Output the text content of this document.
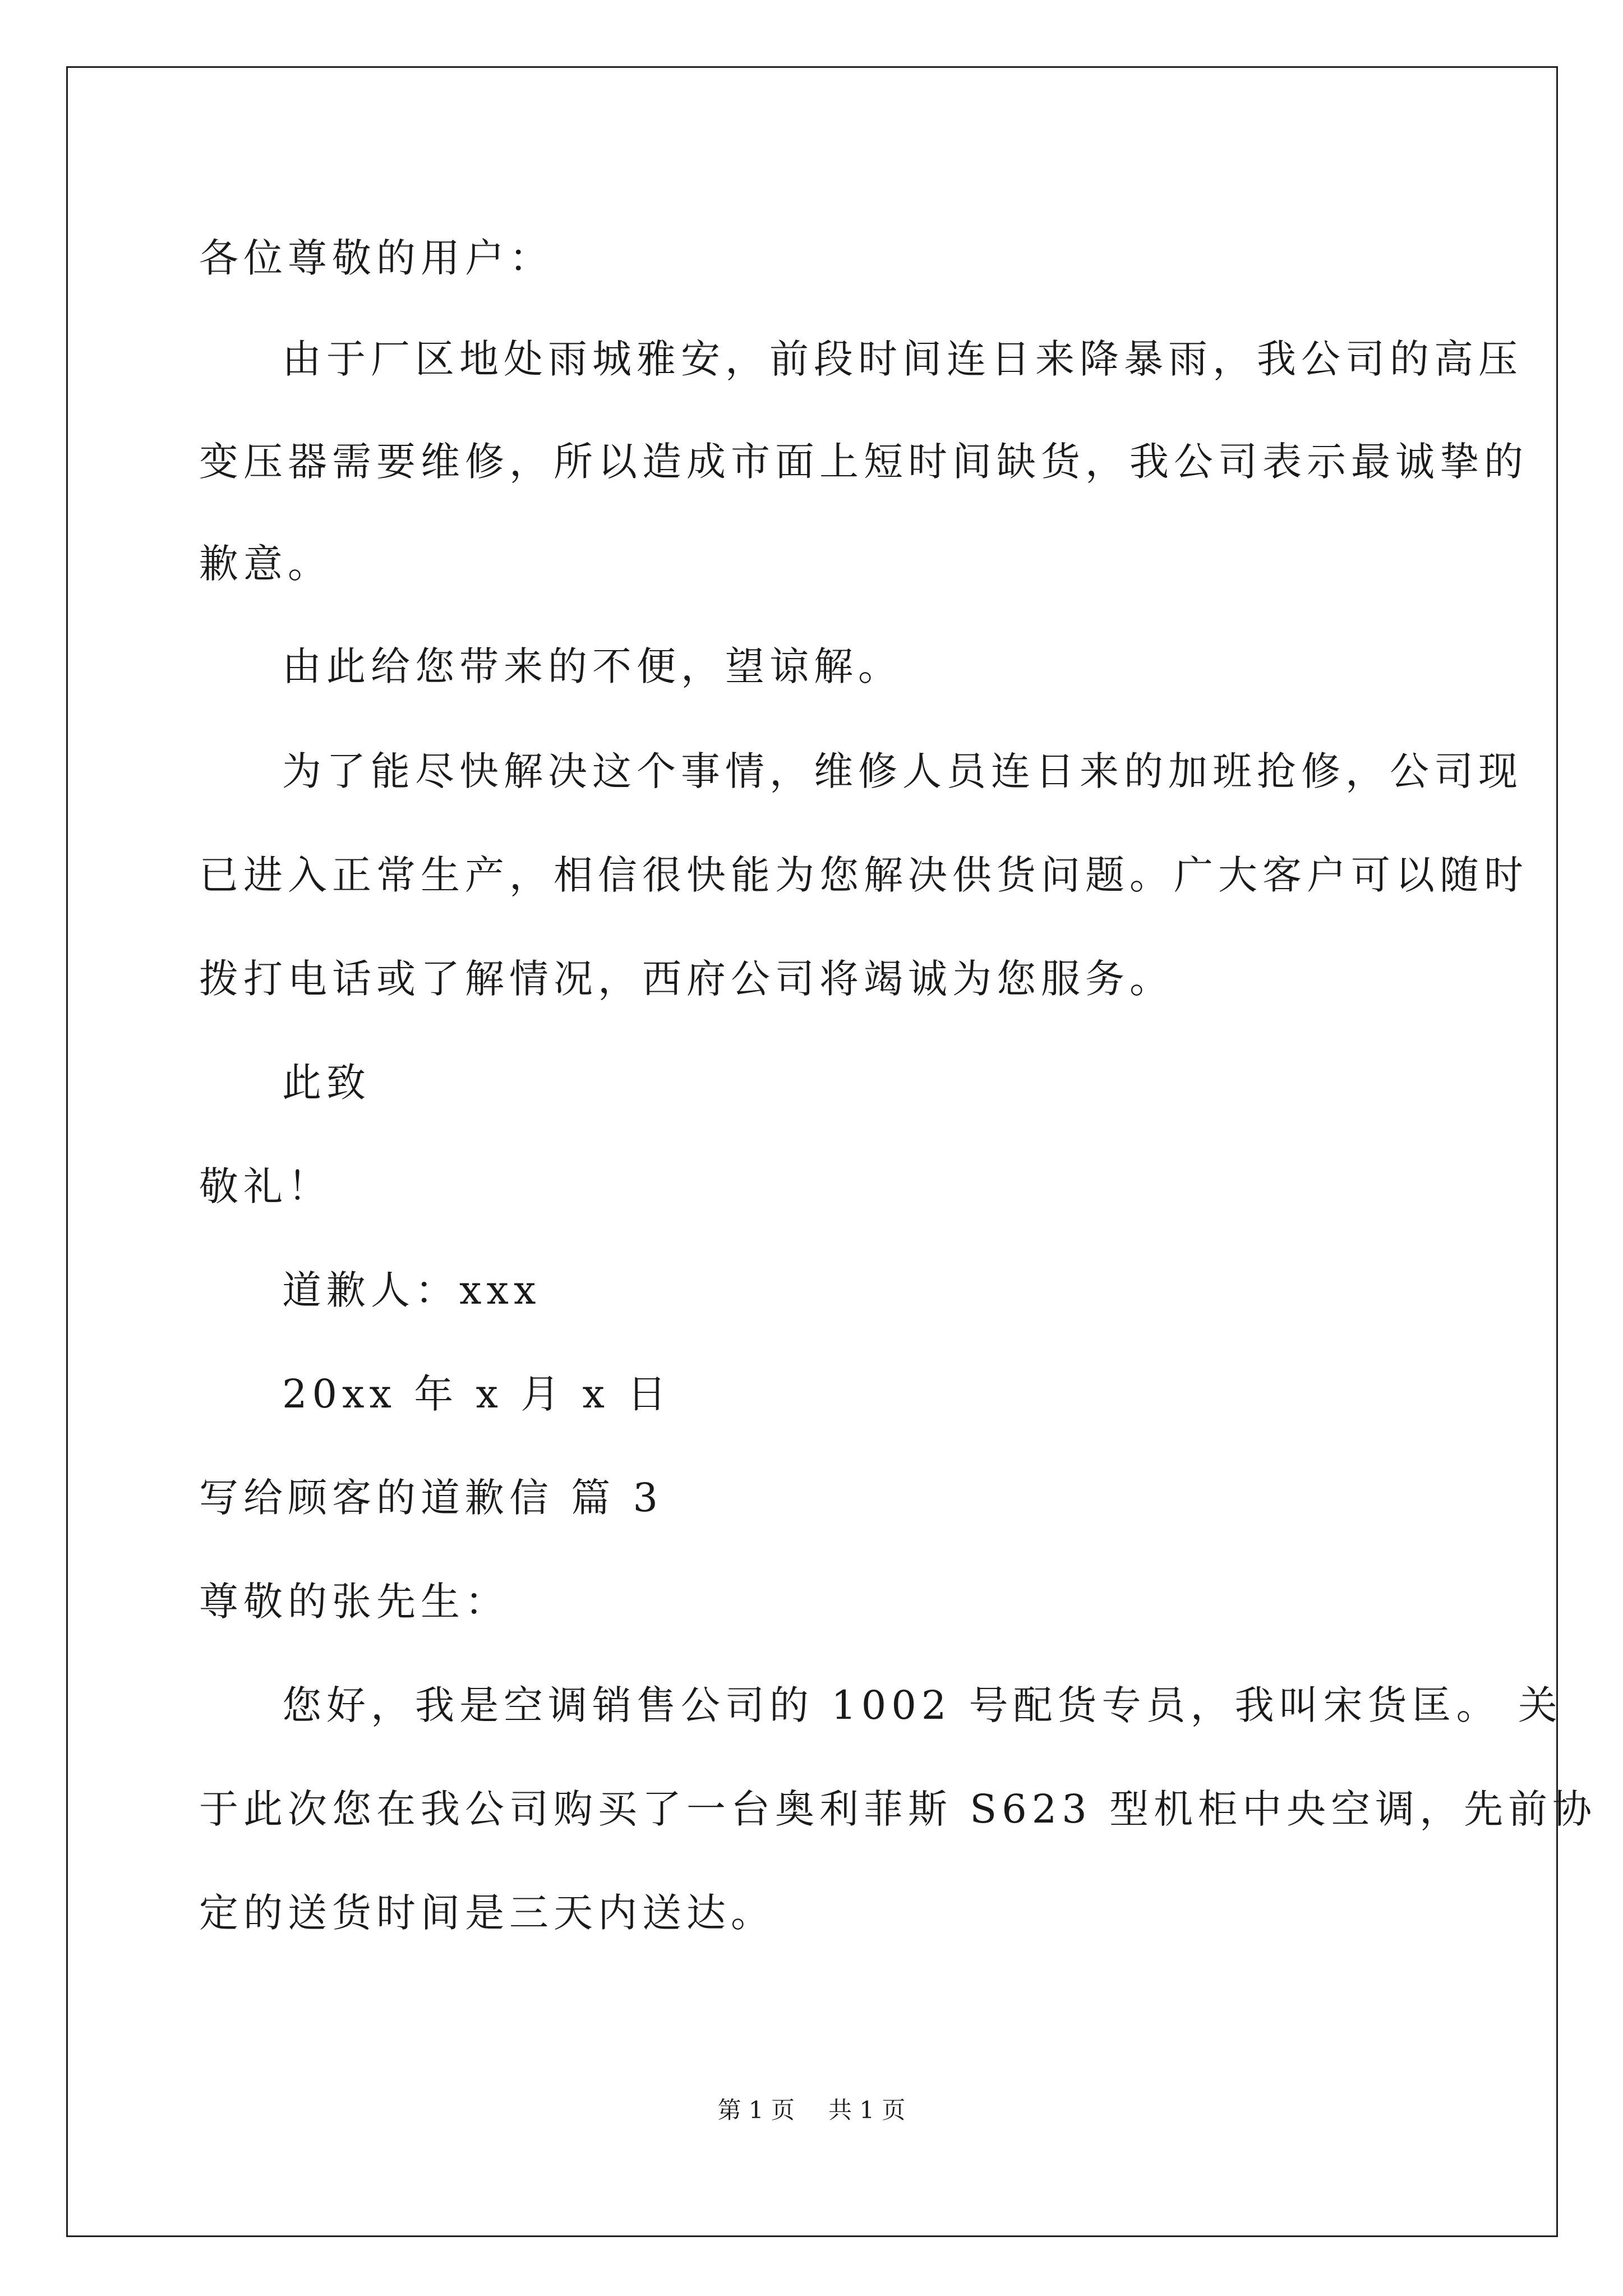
各位尊敬的用户：
由于厂区地处雨城雅安，前段时间连日来降暴雨，我公司的高压
变压器需要维修，所以造成市面上短时间缺货，我公司表示最诚挚的
歉意。
由此给您带来的不便，望谅解。
为了能尽快解决这个事情，维修人员连日来的加班抢修，公司现
已进入正常生产，相信很快能为您解决供货问题。广大客户可以随时
拨打电话或了解情况，西府公司将竭诚为您服务。
此致
敬礼！
道歉人：xxx
20xx 年 x 月 x 日
写给顾客的道歉信 篇 3
尊敬的张先生：
您好，我是空调销售公司的 1002 号配货专员，我叫宋货匡。 关
于此次您在我公司购买了一台奥利菲斯 S623 型机柜中央空调，先前协
定的送货时间是三天内送达。
第 1 页 共 1 页
